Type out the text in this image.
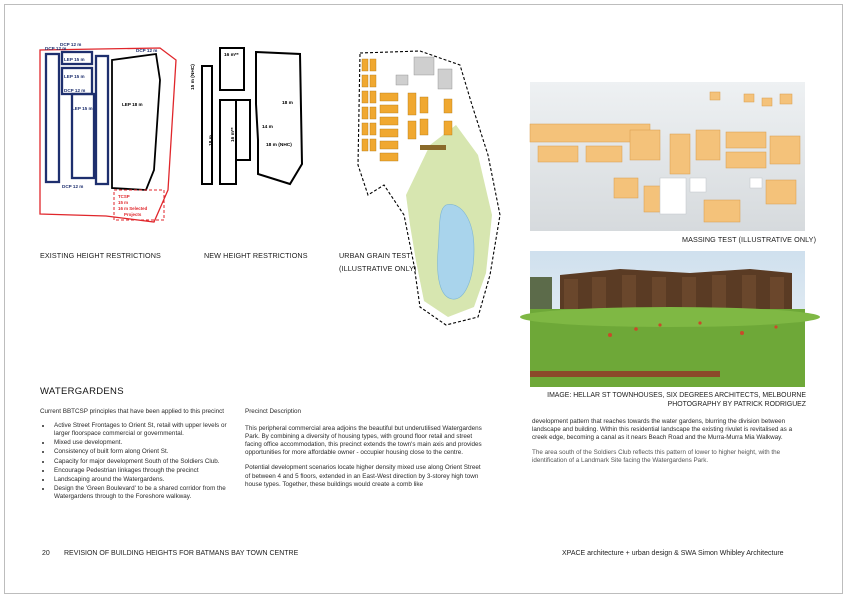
DCP 12 m
DCP 12 m
DCP 12 m
LEP 15 m
LEP 15 m
LEP 15 m
LEP 18 m
DCP 12 m
DCP 12 m
TCSP
15 m
16 m Selected
Projects
EXISTING HEIGHT RESTRICTIONS
16 m**
15 m (NHC)
18 m
18 m	16 m**	14 m
18 m (NHC)
NEW HEIGHT RESTRICTIONS	URBAN GRAIN TEST
(ILLUSTRATIVE ONLY)
MASSING TEST (ILLUSTRATIVE ONLY)
IMAGE: HELLAR ST TOWNHOUSES, SIX DEGREES ARCHITECTS, MELBOURNE
PHOTOGRAPHY BY PATRICK RODRIGUEZ
WATERGARDENS
Current BBTCSP principles that have been applied to this precinct
• Active Street Frontages to Orient St, retail with upper levels or larger floorspace commercial or governmental.
• Mixed use development.
• Consistency of built form along Orient St.
• Capacity for major development South of the Soldiers Club.
• Encourage Pedestrian linkages through the precinct
• Landscaping around the Watergardens.
• Design the 'Green Boulevard' to be a shared corridor from the Watergardens through to the Foreshore walkway.

Precinct Description

This peripheral commercial area adjoins the beautiful but underutilised Watergardens Park. By combining a diversity of housing types, with ground floor retail and street facing office accommodation, this precinct extends the town's main axis and provides opportunities for more affordable owner - occupier housing close to the centre.

Potential development scenarios locate higher density mixed use along Orient Street of between 4 and 5 floors, extended in an East-West direction by 3-storey high town house types. Together, these buildings would create a comb like

development pattern that reaches towards the water gardens, blurring the division between landscape and building. Within this residential landscape the existing rivulet is revitalised as a creek edge, becoming a canal as it nears Beach Road and the Murra-Murra Mia Walkway.

The area south of the Soldiers Club reflects this pattern of lower to higher height, with the identification of a Landmark Site facing the Watergardens Park.

20 REVISION OF BUILDING HEIGHTS FOR BATMANS BAY TOWN CENTRE	XPACE architecture + urban design & SWA Simon Whibley Architecture
